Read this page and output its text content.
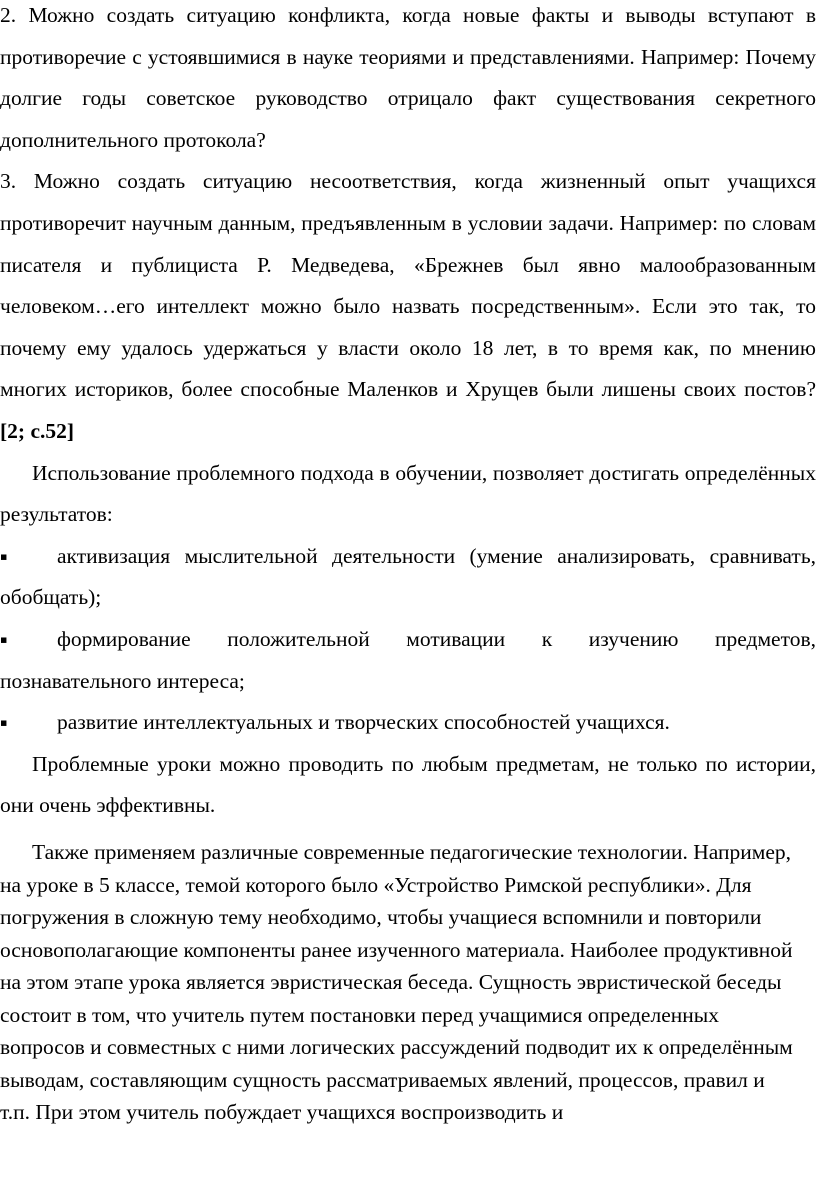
2. Можно создать ситуацию конфликта, когда новые факты и выводы вступают в противоречие с устоявшимися в науке теориями и представлениями. Например: Почему долгие годы советское руководство отрицало факт существования секретного дополнительного протокола?

3. Можно создать ситуацию несоответствия, когда жизненный опыт учащихся противоречит научным данным, предъявленным в условии задачи. Например: по словам писателя и публициста Р. Медведева, «Брежнев был явно малообразованным человеком…его интеллект можно было назвать посредственным». Если это так, то почему ему удалось удержаться у власти около 18 лет, в то время как, по мнению многих историков, более способные Маленков и Хрущев были лишены своих постов? [2; с.52]

Использование проблемного подхода в обучении, позволяет достигать определённых результатов:

▪ активизация мыслительной деятельности (умение анализировать, сравнивать, обобщать);

▪ формирование положительной мотивации к изучению предметов, познавательного интереса;

▪ развитие интеллектуальных и творческих способностей учащихся.

Проблемные уроки можно проводить по любым предметам, не только по истории, они очень эффективны.

Также применяем различные современные педагогические технологии. Например, на уроке в 5 классе, темой которого было «Устройство Римской республики». Для погружения в сложную тему необходимо, чтобы учащиеся вспомнили и повторили основополагающие компоненты ранее изученного материала. Наиболее продуктивной на этом этапе урока является эвристическая беседа. Сущность эвристической беседы состоит в том, что учитель путем постановки перед учащимися определенных вопросов и совместных с ними логических рассуждений подводит их к определённым выводам, составляющим сущность рассматриваемых явлений, процессов, правил и т.п. При этом учитель побуждает учащихся воспроизводить и
